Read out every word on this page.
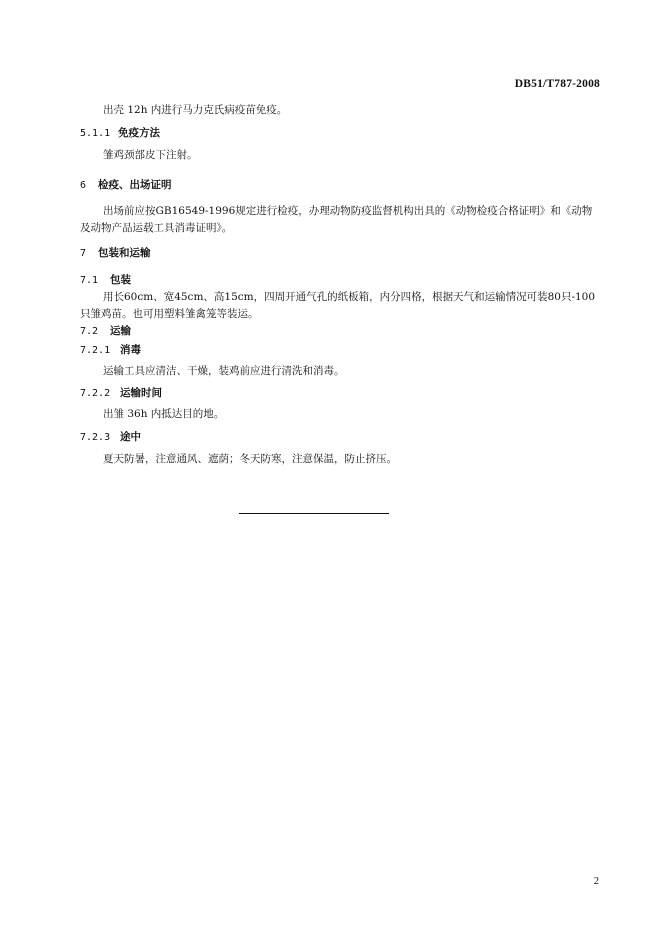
DB51/T787-2008
出壳 12h 内进行马力克氏病疫苗免疫。
5.1.1 免疫方法
雏鸡颈部皮下注射。
6 检疫、出场证明
出场前应按GB16549-1996规定进行检疫，办理动物防疫监督机构出具的《动物检疫合格证明》和《动物及动物产品运载工具消毒证明》。
7 包装和运输
7.1 包装
用长60cm、宽45cm、高15cm，四周开通气孔的纸板箱，内分四格，根据天气和运输情况可装80只-100只雏鸡苗。也可用塑料雏禽笼等装运。
7.2 运输
7.2.1 消毒
运输工具应清洁、干燥，装鸡前应进行清洗和消毒。
7.2.2 运输时间
出雏 36h 内抵达目的地。
7.2.3 途中
夏天防暑，注意通风、遮荫；冬天防寒，注意保温，防止挤压。
2
